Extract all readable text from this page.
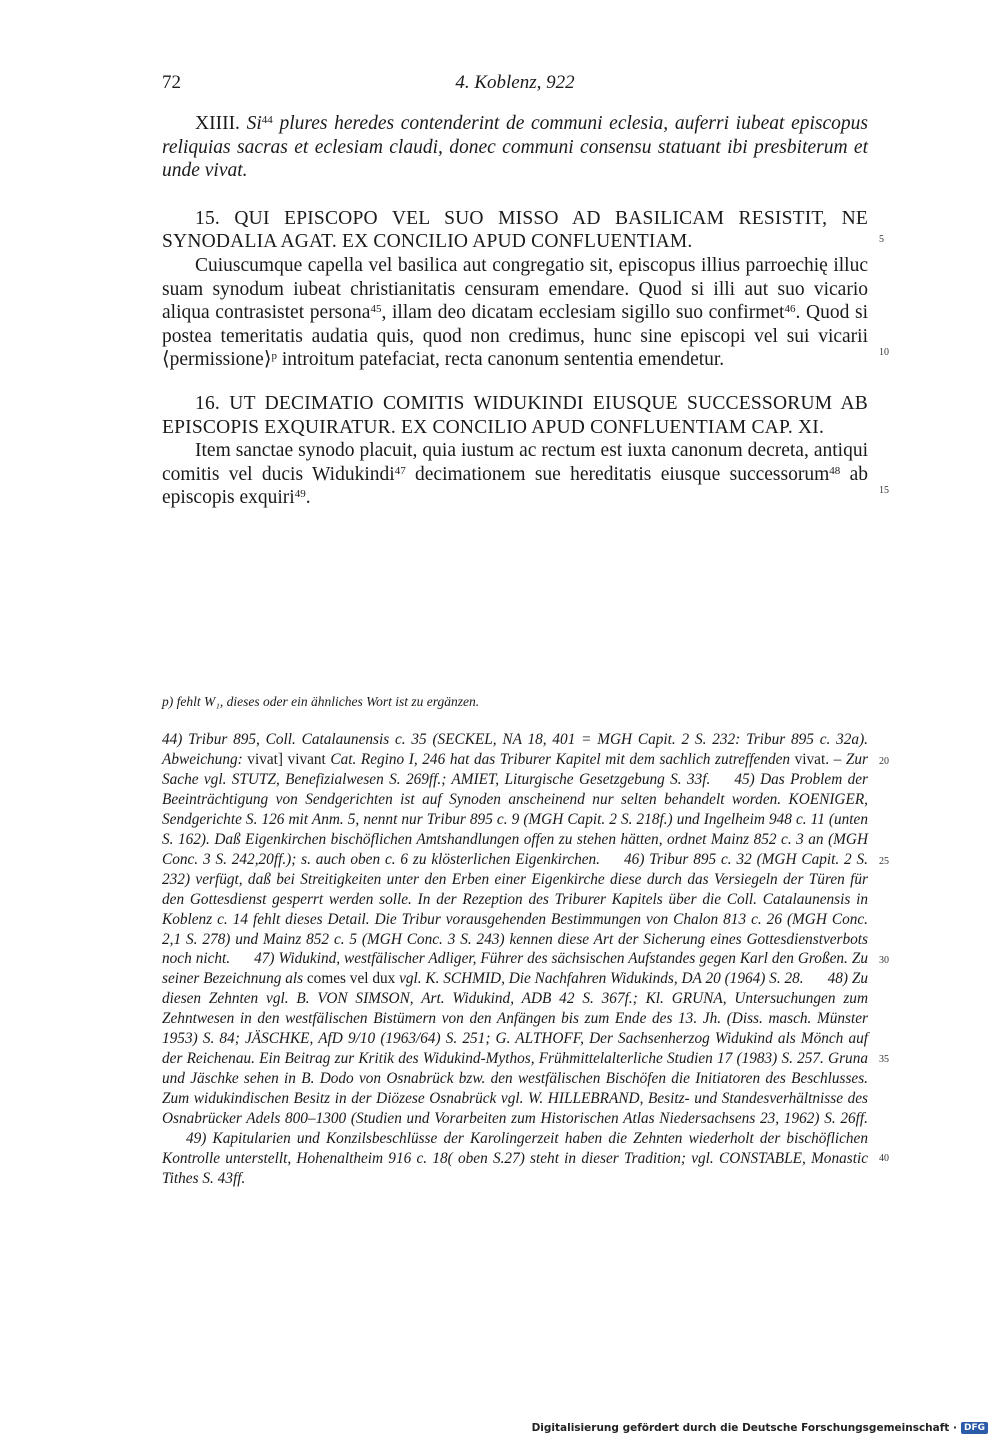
72	4. Koblenz, 922

XIIII. Si$^{44}$ plures heredes contenderint de communi eclesia, auferri iubeat episcopus reliquias sacras et eclesiam claudi, donec communi consensu statuant ibi presbiterum et unde vivat.

15. QUI EPISCOPO VEL SUO MISSO AD BASILICAM RESISTIT, NE SYNODALIA AGAT. EX CONCILIO APUD CONFLUENTIAM.

Cuiuscumque capella vel basilica aut congregatio sit, episcopus illius parroechię illuc suam synodum iubeat christianitatis censuram emendare. Quod si illi aut suo vicario aliqua contrasistet persona$^{45}$, illam deo dicatam ecclesiam sigillo suo confirmet$^{46}$. Quod si postea temeritatis audatia quis, quod non credimus, hunc sine episcopi vel sui vicarii ⟨permissione⟩$^p$ introitum patefaciat, recta canonum sententia emendetur.

16. UT DECIMATIO COMITIS WIDUKINDI EIUSQUE SUCCESSORUM AB EPISCOPIS EXQUIRATUR. EX CONCILIO APUD CONFLUENTIAM CAP. XI.

Item sanctae synodo placuit, quia iustum ac rectum est iuxta canonum decreta, antiqui comitis vel ducis Widukindi$^{47}$ decimationem sue hereditatis eiusque successorum$^{48}$ ab episcopis exquiri$^{49}$.

5
10
15
20
25
30
35
40
p) fehlt W₁, dieses oder ein ähnliches Wort ist zu ergänzen.
44) Tribur 895, Coll. Catalaunensis c. 35 (SECKEL, NA 18, 401 = MGH Capit. 2 S. 232: Tribur 895 c. 32a). Abweichung: vivat] vivant Cat. Regino I, 246 hat das Triburer Kapitel mit dem sachlich zutreffenden vivat. – Zur Sache vgl. STUTZ, Benefizialwesen S. 269ff.; AMIET, Liturgische Gesetzgebung S. 33f. 45) Das Problem der Beeinträchtigung von Sendgerichten ist auf Synoden anscheinend nur selten behandelt worden. KOENIGER, Sendgerichte S. 126 mit Anm. 5, nennt nur Tribur 895 c. 9 (MGH Capit. 2 S. 218f.) und Ingelheim 948 c. 11 (unten S. 162). Daß Eigenkirchen bischöflichen Amtshandlungen offen zu stehen hätten, ordnet Mainz 852 c. 3 an (MGH Conc. 3 S. 242,20ff.); s. auch oben c. 6 zu klösterlichen Eigenkirchen. 46) Tribur 895 c. 32 (MGH Capit. 2 S. 232) verfügt, daß bei Streitigkeiten unter den Erben einer Eigenkirche diese durch das Versiegeln der Türen für den Gottesdienst gesperrt werden solle. In der Rezeption des Triburer Kapitels über die Coll. Catalaunensis in Koblenz c. 14 fehlt dieses Detail. Die Tribur vorausgehenden Bestimmungen von Chalon 813 c. 26 (MGH Conc. 2,1 S. 278) und Mainz 852 c. 5 (MGH Conc. 3 S. 243) kennen diese Art der Sicherung eines Gottesdienstverbots noch nicht. 47) Widukind, westfälischer Adliger, Führer des sächsischen Aufstandes gegen Karl den Großen. Zu seiner Bezeichnung als comes vel dux vgl. K. SCHMID, Die Nachfahren Widukinds, DA 20 (1964) S. 28. 48) Zu diesen Zehnten vgl. B. VON SIMSON, Art. Widukind, ADB 42 S. 367f.; Kl. GRUNA, Untersuchungen zum Zehntwesen in den westfälischen Bistümern von den Anfängen bis zum Ende des 13. Jh. (Diss. masch. Münster 1953) S. 84; JÄSCHKE, AfD 9/10 (1963/64) S. 251; G. ALTHOFF, Der Sachsenherzog Widukind als Mönch auf der Reichenau. Ein Beitrag zur Kritik des Widukind-Mythos, Frühmittelalterliche Studien 17 (1983) S. 257. Gruna und Jäschke sehen in B. Dodo von Osnabrück bzw. den westfälischen Bischöfen die Initiatoren des Beschlusses. Zum widukindischen Besitz in der Diözese Osnabrück vgl. W. HILLEBRAND, Besitz- und Standesverhältnisse des Osnabrücker Adels 800–1300 (Studien und Vorarbeiten zum Historischen Atlas Niedersachsens 23, 1962) S. 26ff.49) Kapitularien und Konzilsbeschlüsse der Karolingerzeit haben die Zehnten wiederholt der bischöflichen Kontrolle unterstellt, Hohenaltheim 916 c. 18( oben S.27) steht in dieser Tradition; vgl. CONSTABLE, Monastic Tithes S. 43ff.
Digitalisierung gefördert durch die Deutsche Forschungsgemeinschaft · DFG
